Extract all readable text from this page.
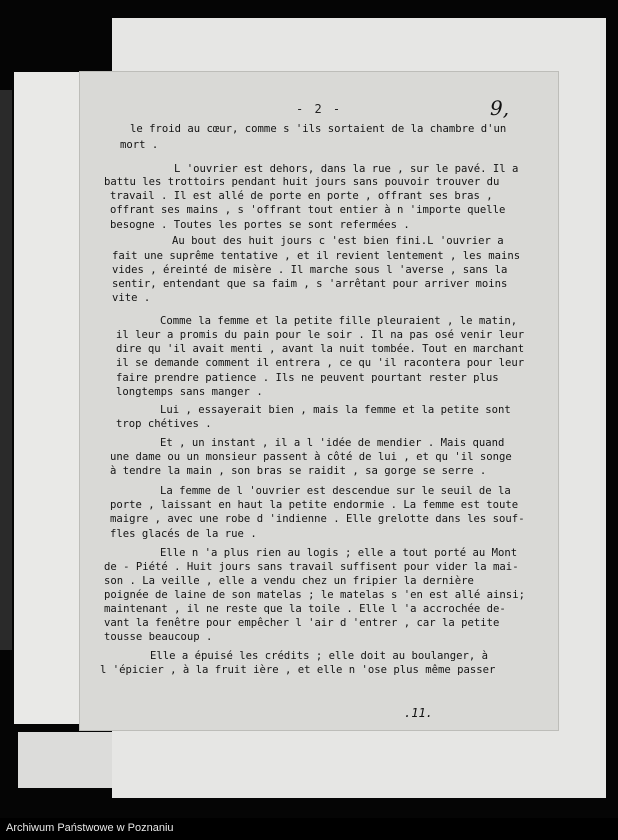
- 2 -	9,
le froid au cœur, comme s 'ils sortaient de la chambre d'un
mort .
L 'ouvrier est dehors, dans la rue , sur le pavé. Il a
battu les trottoirs pendant huit jours sans pouvoir trouver du
travail . Il est allé de porte en porte , offrant ses bras ,
offrant ses mains , s 'offrant tout entier à n 'importe quelle
besogne . Toutes les portes se sont refermées .
Au bout des huit jours c 'est bien fini.L 'ouvrier a
fait une suprême tentative , et il revient lentement , les mains
vides , éreinté de misère . Il marche sous l 'averse , sans la
sentir, entendant que sa faim , s 'arrêtant pour arriver moins
vite .
Comme la femme et la petite fille pleuraient , le matin,
il leur a promis du pain pour le soir . Il na pas osé venir leur
dire qu 'il avait menti , avant la nuit tombée. Tout en marchant
il se demande comment il entrera , ce qu 'il racontera pour leur
faire prendre patience . Ils ne peuvent pourtant rester plus
longtemps sans manger .
Lui , essayerait bien , mais la femme et la petite sont
trop chétives .
Et , un instant , il a l 'idée de mendier . Mais quand
une dame ou un monsieur passent à côté de lui , et qu 'il songe
à tendre la main , son bras se raidit , sa gorge se serre .
La femme de l 'ouvrier est descendue sur le seuil de la
porte , laissant en haut la petite endormie . La femme est toute
maigre , avec une robe d 'indienne . Elle grelotte dans les souf-
fles glacés de la rue .
Elle n 'a plus rien au logis ; elle a tout porté au Mont
de - Piété . Huit jours sans travail suffisent pour vider la mai-
son . La veille , elle a vendu chez un fripier la dernière
poignée de laine de son matelas ; le matelas s 'en est allé ainsi;
maintenant , il ne reste que la toile . Elle l 'a accrochée de-
vant la fenêtre pour empêcher l 'air d 'entrer , car la petite
tousse beaucoup .
Elle a épuisé les crédits ; elle doit au boulanger, à
l 'épicier , à la fruit ière , et elle n 'ose plus même passer
.11.
Archiwum Państwowe w Poznaniu
